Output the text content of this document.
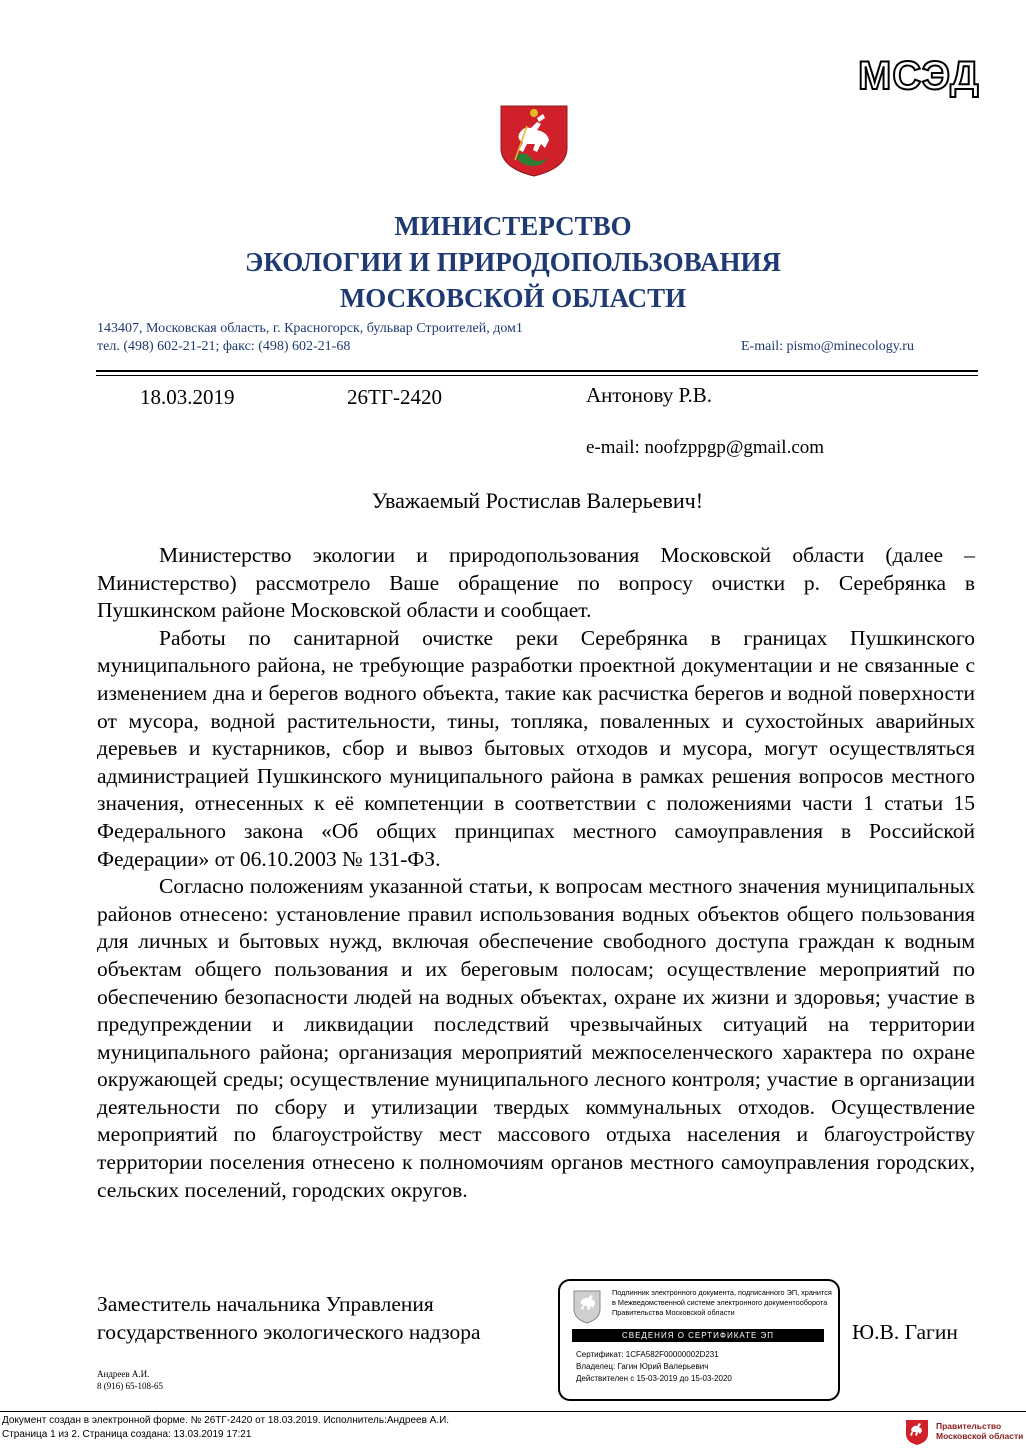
МСЭД
МИНИСТЕРСТВО
ЭКОЛОГИИ И ПРИРОДОПОЛЬЗОВАНИЯ
МОСКОВСКОЙ ОБЛАСТИ
143407, Московская область, г. Красногорск, бульвар Строителей, дом1
тел. (498) 602-21-21; факс: (498) 602-21-68	E-mail: pismo@minecology.ru
18.03.2019	26ТГ-2420	Антонову Р.В.
e-mail: noofzppgp@gmail.com
Уважаемый Ростислав Валерьевич!

Министерство экологии и природопользования Московской области (далее – Министерство) рассмотрело Ваше обращение по вопросу очистки р. Серебрянка в Пушкинском районе Московской области и сообщает.

Работы по санитарной очистке реки Серебрянка в границах Пушкинского муниципального района, не требующие разработки проектной документации и не связанные с изменением дна и берегов водного объекта, такие как расчистка берегов и водной поверхности от мусора, водной растительности, тины, топляка, поваленных и сухостойных аварийных деревьев и кустарников, сбор и вывоз бытовых отходов и мусора, могут осуществляться администрацией Пушкинского муниципального района в рамках решения вопросов местного значения, отнесенных к её компетенции в соответствии с положениями части 1 статьи 15 Федерального закона «Об общих принципах местного самоуправления в Российской Федерации» от 06.10.2003 № 131-ФЗ.

Согласно положениям указанной статьи, к вопросам местного значения муниципальных районов отнесено: установление правил использования водных объектов общего пользования для личных и бытовых нужд, включая обеспечение свободного доступа граждан к водным объектам общего пользования и их береговым полосам; осуществление мероприятий по обеспечению безопасности людей на водных объектах, охране их жизни и здоровья; участие в предупреждении и ликвидации последствий чрезвычайных ситуаций на территории муниципального района; организация мероприятий межпоселенческого характера по охране окружающей среды; осуществление муниципального лесного контроля; участие в организации деятельности по сбору и утилизации твердых коммунальных отходов. Осуществление мероприятий по благоустройству мест массового отдыха населения и благоустройству территории поселения отнесено к полномочиям органов местного самоуправления городских, сельских поселений, городских округов.

Заместитель начальника Управления
государственного экологического надзора
Подлинник электронного документа, подписанного ЭП, хранится в Межведомственной системе электронного документооборота Правительства Московской области
СВЕДЕНИЯ О СЕРТИФИКАТЕ ЭП
Сертификат: 1CFA582F00000002D231
Владелец: Гагин Юрий Валерьевич
Действителен с 15-03-2019 до 15-03-2020
Ю.В. Гагин
Андреев А.И.
8 (916) 65-108-65
Документ создан в электронной форме. № 26ТГ-2420 от 18.03.2019. Исполнитель:Андреев А.И.
Страница 1 из 2. Страница создана: 13.03.2019 17:21
Правительство
Московской области
